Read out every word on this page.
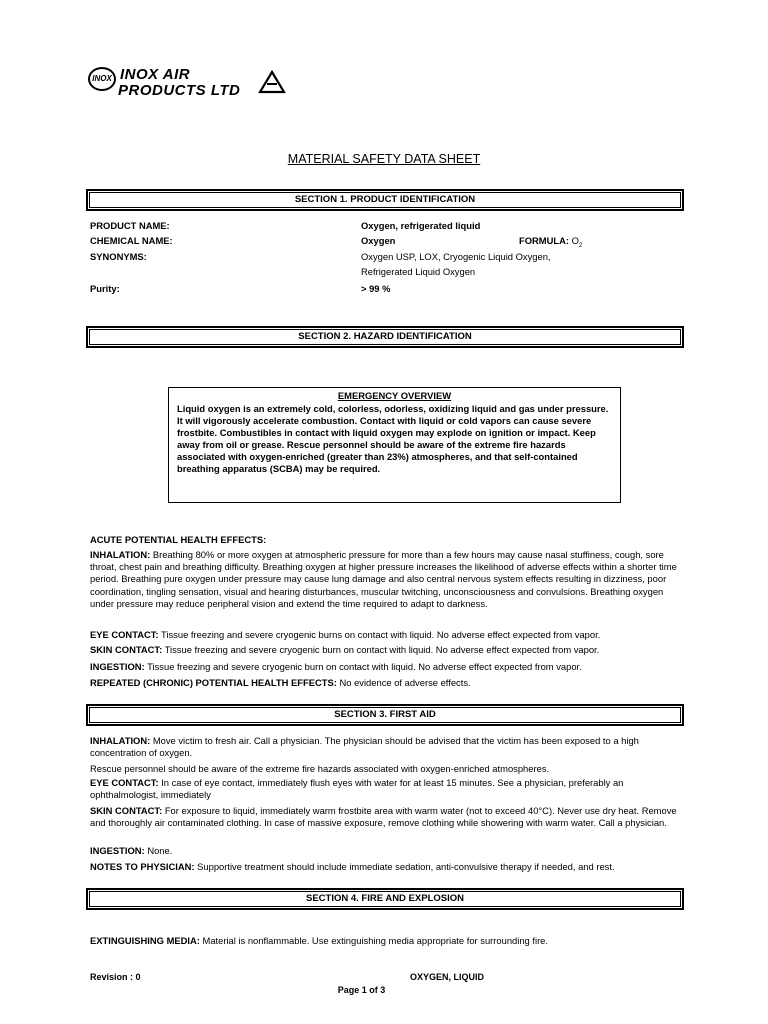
INOX INOX AIR
PRODUCTS LTD
MATERIAL SAFETY DATA SHEET
SECTION 1. PRODUCT IDENTIFICATION
PRODUCT NAME:	Oxygen, refrigerated liquid
CHEMICAL NAME:	Oxygen	FORMULA: $O_2$
SYNONYMS:	Oxygen USP, LOX, Cryogenic Liquid Oxygen,
Refrigerated Liquid Oxygen
Purity:	> 99 %
SECTION 2. HAZARD IDENTIFICATION
EMERGENCY OVERVIEW
Liquid oxygen is an extremely cold, colorless, odorless, oxidizing liquid and gas under pressure. It will vigorously accelerate combustion. Contact with liquid or cold vapors can cause severe frostbite. Combustibles in contact with liquid oxygen may explode on ignition or impact. Keep away from oil or grease. Rescue personnel should be aware of the extreme fire hazards associated with oxygen-enriched (greater than 23%) atmospheres, and that self-contained breathing apparatus (SCBA) may be required.
ACUTE POTENTIAL HEALTH EFFECTS:
INHALATION: Breathing 80% or more oxygen at atmospheric pressure for more than a few hours may cause nasal stuffiness, cough, sore throat, chest pain and breathing difficulty. Breathing oxygen at higher pressure increases the likelihood of adverse effects within a shorter time period. Breathing pure oxygen under pressure may cause lung damage and also central nervous system effects resulting in dizziness, poor coordination, tingling sensation, visual and hearing disturbances, muscular twitching, unconsciousness and convulsions. Breathing oxygen under pressure may reduce peripheral vision and extend the time required to adapt to darkness.
EYE CONTACT: Tissue freezing and severe cryogenic burns on contact with liquid. No adverse effect expected from vapor.
SKIN CONTACT: Tissue freezing and severe cryogenic burn on contact with liquid. No adverse effect expected from vapor.
INGESTION: Tissue freezing and severe cryogenic burn on contact with liquid. No adverse effect expected from vapor.
REPEATED (CHRONIC) POTENTIAL HEALTH EFFECTS: No evidence of adverse effects.
SECTION 3. FIRST AID
INHALATION: Move victim to fresh air. Call a physician. The physician should be advised that the victim has been exposed to a high concentration of oxygen.
Rescue personnel should be aware of the extreme fire hazards associated with oxygen-enriched atmospheres.
EYE CONTACT: In case of eye contact, immediately flush eyes with water for at least 15 minutes. See a physician, preferably an ophthalmologist, immediately
SKIN CONTACT: For exposure to liquid, immediately warm frostbite area with warm water (not to exceed 40°C). Never use dry heat. Remove and thoroughly air contaminated clothing. In case of massive exposure, remove clothing while showering with warm water. Call a physician.
INGESTION: None.
NOTES TO PHYSICIAN: Supportive treatment should include immediate sedation, anti-convulsive therapy if needed, and rest.
SECTION 4. FIRE AND EXPLOSION
EXTINGUISHING MEDIA: Material is nonflammable. Use extinguishing media appropriate for surrounding fire.
Revision : 0	OXYGEN, LIQUID
Page 1 of 3
